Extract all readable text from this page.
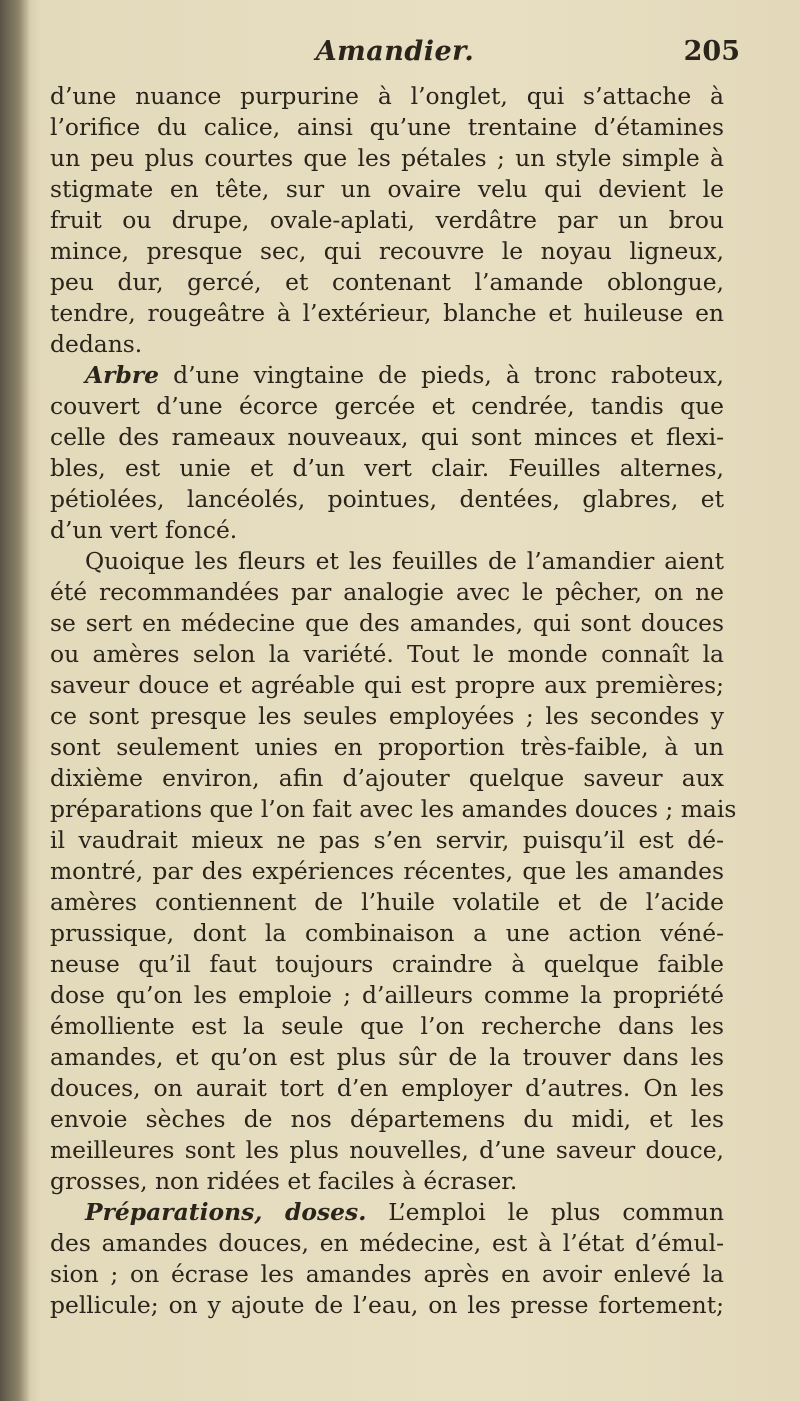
Amandier.	205
d’une nuance purpurine à l’onglet, qui s’attache à
l’orifice du calice, ainsi qu’une trentaine d’étamines
un peu plus courtes que les pétales ; un style simple à
stigmate en tête, sur un ovaire velu qui devient le
fruit ou drupe, ovale-aplati, verdâtre par un brou
mince, presque sec, qui recouvre le noyau ligneux,
peu dur, gercé, et contenant l’amande oblongue,
tendre, rougeâtre à l’extérieur, blanche et huileuse en
dedans.
Arbre d’une vingtaine de pieds, à tronc raboteux,
couvert d’une écorce gercée et cendrée, tandis que
celle des rameaux nouveaux, qui sont minces et flexi-
bles, est unie et d’un vert clair. Feuilles alternes,
pétiolées, lancéolés, pointues, dentées, glabres, et
d’un vert foncé.
Quoique les fleurs et les feuilles de l’amandier aient
été recommandées par analogie avec le pêcher, on ne
se sert en médecine que des amandes, qui sont douces
ou amères selon la variété. Tout le monde connaît la
saveur douce et agréable qui est propre aux premières;
ce sont presque les seules employées ; les secondes y
sont seulement unies en proportion très-faible, à un
dixième environ, afin d’ajouter quelque saveur aux
préparations que l’on fait avec les amandes douces ; mais
il vaudrait mieux ne pas s’en servir, puisqu’il est dé-
montré, par des expériences récentes, que les amandes
amères contiennent de l’huile volatile et de l’acide
prussique, dont la combinaison a une action véné-
neuse qu’il faut toujours craindre à quelque faible
dose qu’on les emploie ; d’ailleurs comme la propriété
émolliente est la seule que l’on recherche dans les
amandes, et qu’on est plus sûr de la trouver dans les
douces, on aurait tort d’en employer d’autres. On les
envoie sèches de nos départemens du midi, et les
meilleures sont les plus nouvelles, d’une saveur douce,
grosses, non ridées et faciles à écraser.
Préparations, doses. L’emploi le plus commun
des amandes douces, en médecine, est à l’état d’émul-
sion ; on écrase les amandes après en avoir enlevé la
pellicule; on y ajoute de l’eau, on les presse fortement;
